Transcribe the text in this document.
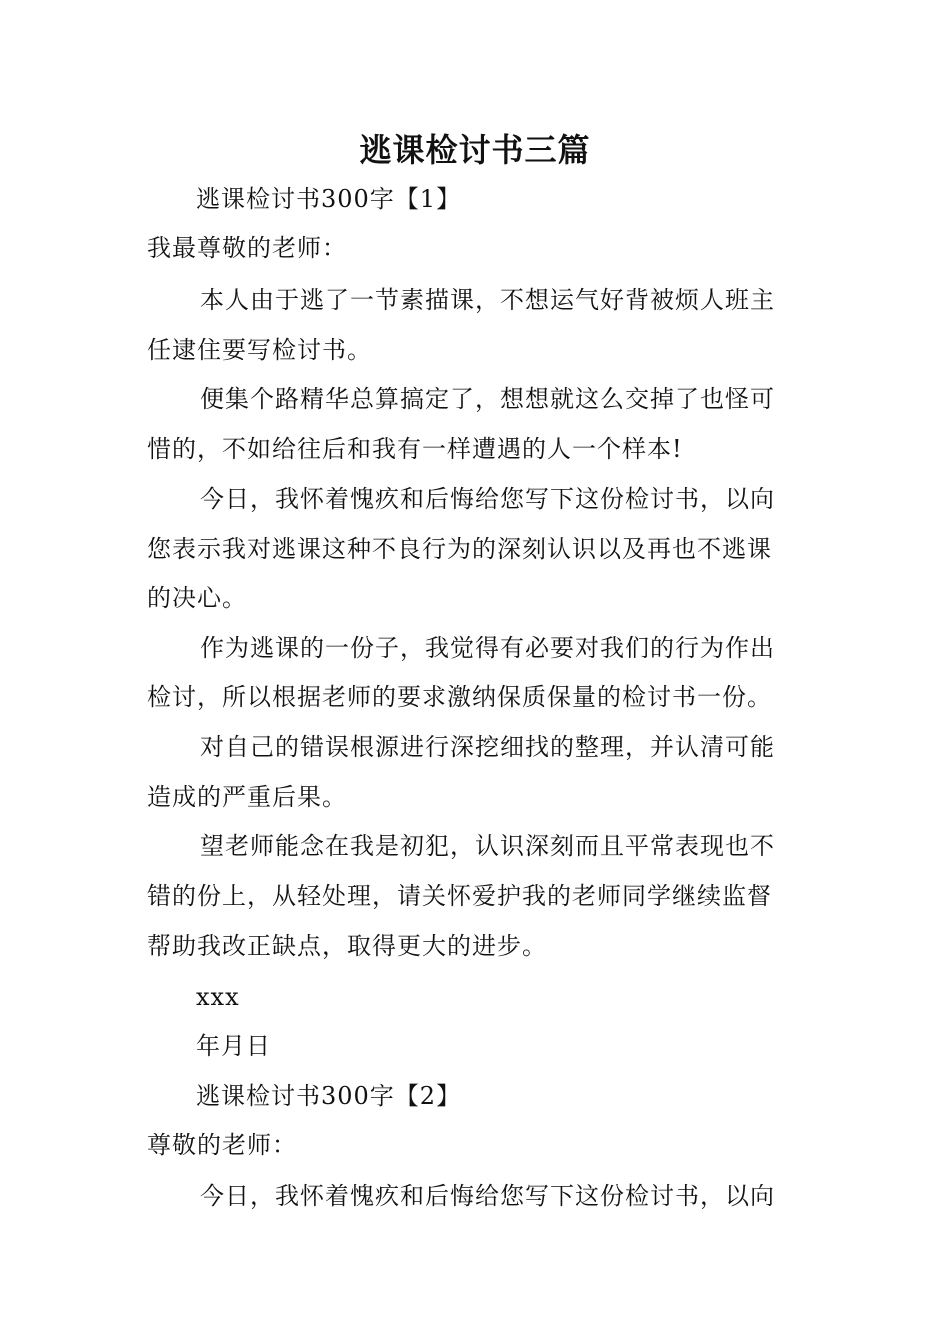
逃课检讨书三篇
逃课检讨书300字【1】
我最尊敬的老师：
本人由于逃了一节素描课，不想运气好背被烦人班主
任逮住要写检讨书。
便集个路精华总算搞定了，想想就这么交掉了也怪可
惜的，不如给往后和我有一样遭遇的人一个样本!
今日，我怀着愧疚和后悔给您写下这份检讨书，以向
您表示我对逃课这种不良行为的深刻认识以及再也不逃课
的决心。
作为逃课的一份子，我觉得有必要对我们的行为作出
检讨，所以根据老师的要求激纳保质保量的检讨书一份。
对自己的错误根源进行深挖细找的整理，并认清可能
造成的严重后果。
望老师能念在我是初犯，认识深刻而且平常表现也不
错的份上，从轻处理，请关怀爱护我的老师同学继续监督
帮助我改正缺点，取得更大的进步。
xxx
年月日
逃课检讨书300字【2】
尊敬的老师：
今日，我怀着愧疚和后悔给您写下这份检讨书，以向
